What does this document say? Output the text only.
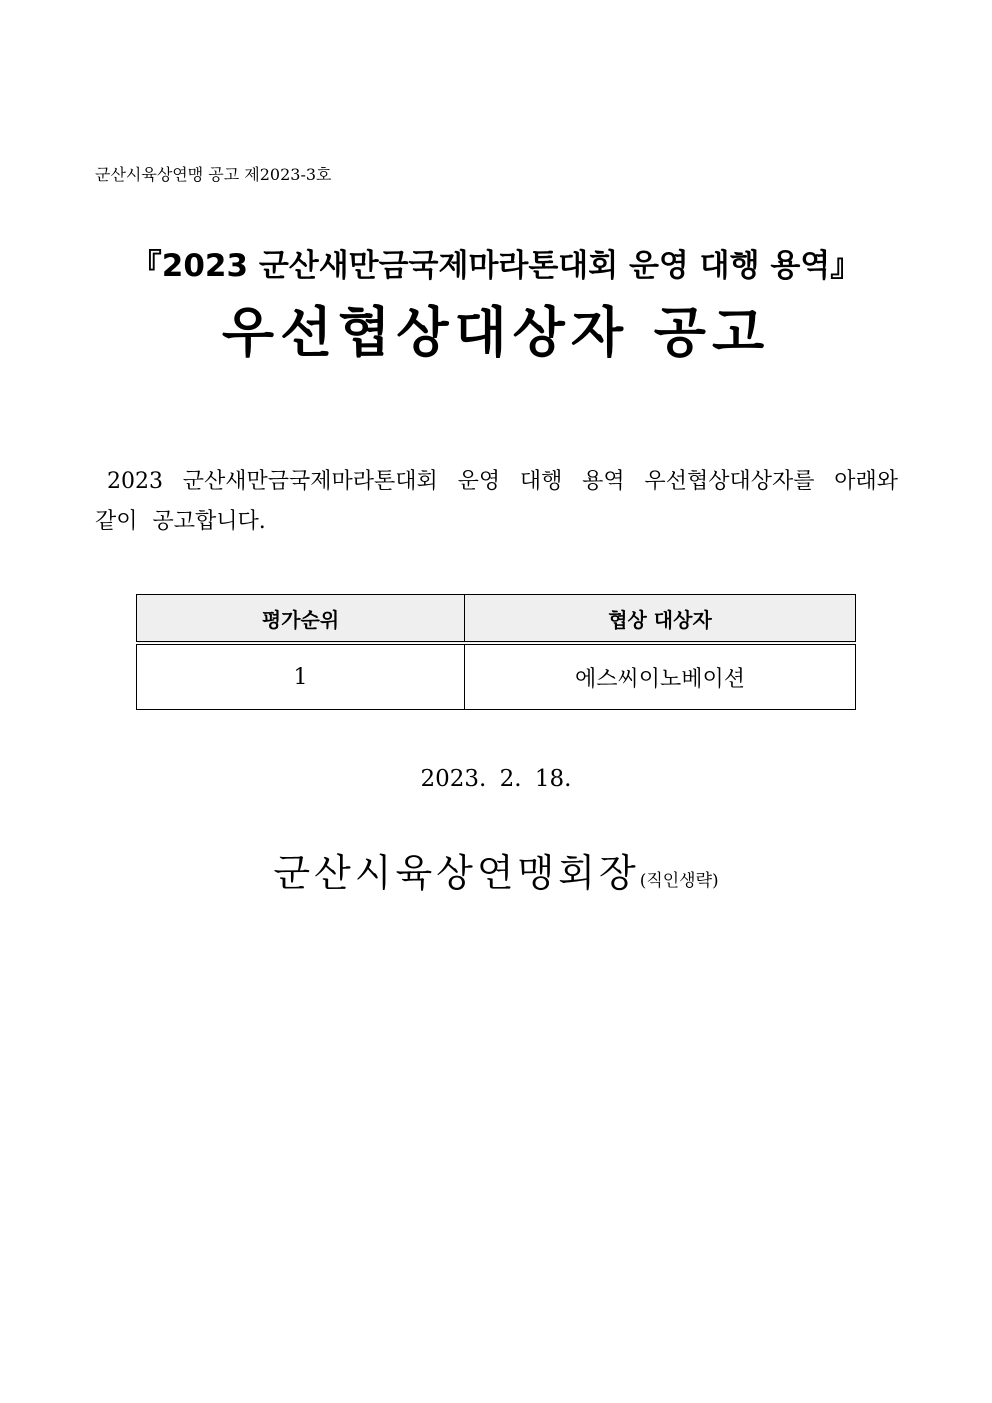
군산시육상연맹 공고 제2023-3호
『2023 군산새만금국제마라톤대회 운영 대행 용역』
우선협상대상자 공고
2023 군산새만금국제마라톤대회 운영 대행 용역 우선협상대상자를 아래와 같이 공고합니다.
평가순위	협상 대상자
1	에스씨이노베이션
2023. 2. 18.
군산시육상연맹회장(직인생략)
